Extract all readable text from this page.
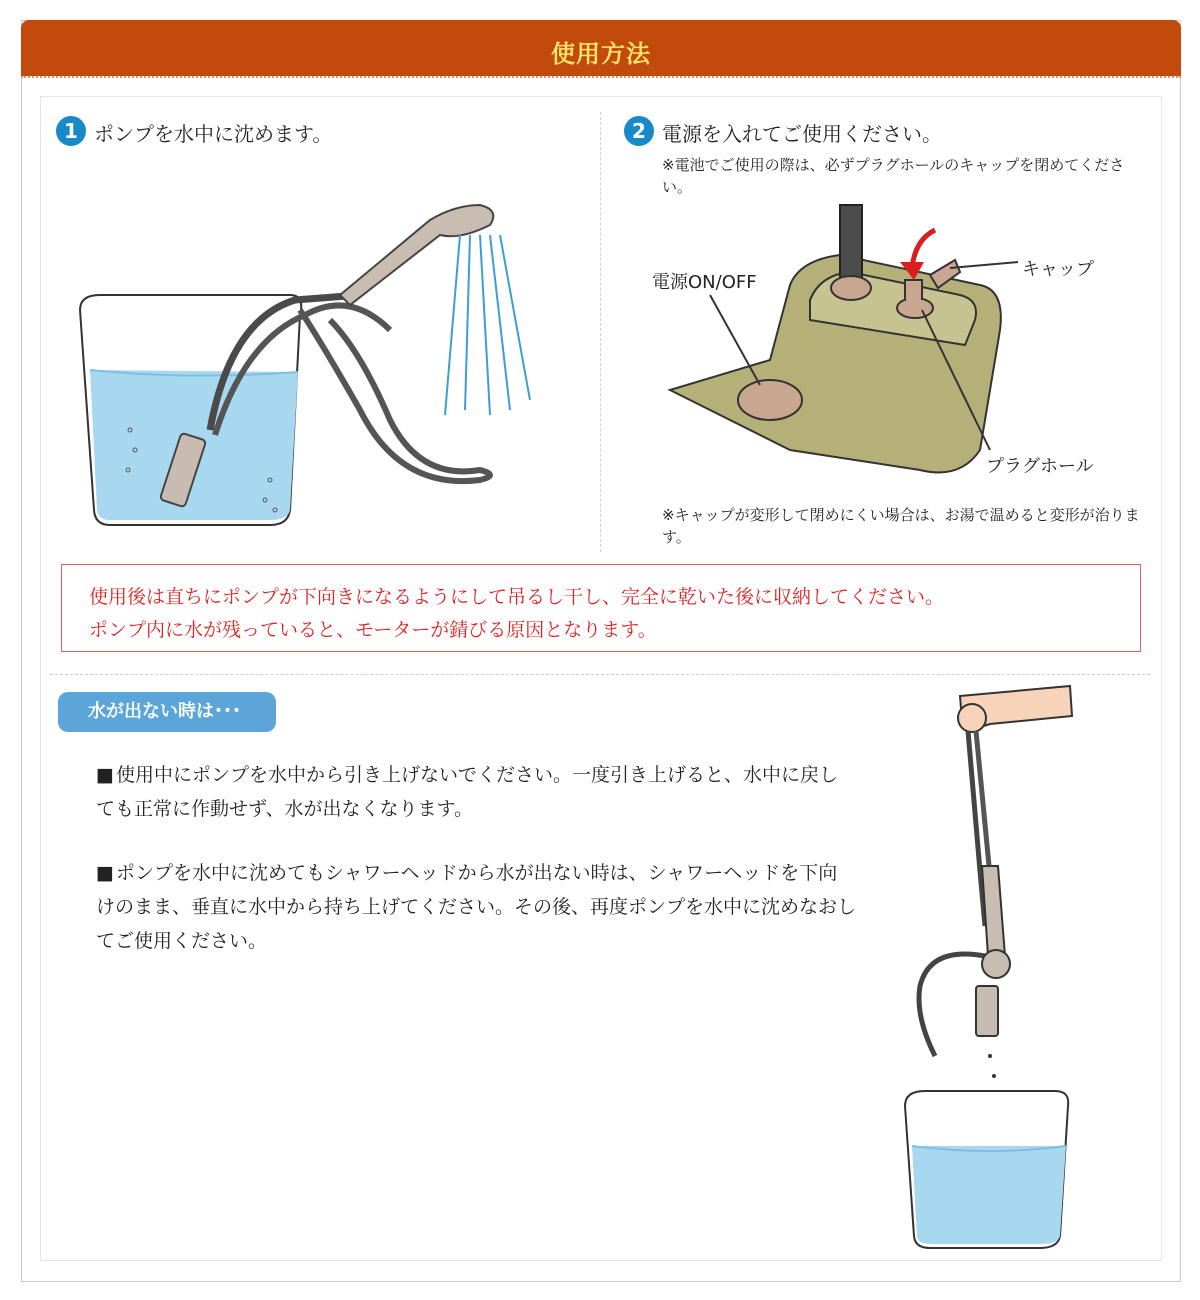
使用方法
1 ポンプを水中に沈めます。	2 電源を入れてご使用ください。
※電池でご使用の際は、必ずプラグホールのキャップを閉めてください。
電源ON/OFF
キャップ
プラグホール
※キャップが変形して閉めにくい場合は、お湯で温めると変形が治ります。
使用後は直ちにポンプが下向きになるようにして吊るし干し、完全に乾いた後に収納してください。
ポンプ内に水が残っていると、モーターが錆びる原因となります。
水が出ない時は･･･
■ 使用中にポンプを水中から引き上げないでください。一度引き上げると、水中に戻しても正常に作動せず、水が出なくなります。
■ ポンプを水中に沈めてもシャワーヘッドから水が出ない時は、シャワーヘッドを下向けのまま、垂直に水中から持ち上げてください。その後、再度ポンプを水中に沈めなおしてご使用ください。
